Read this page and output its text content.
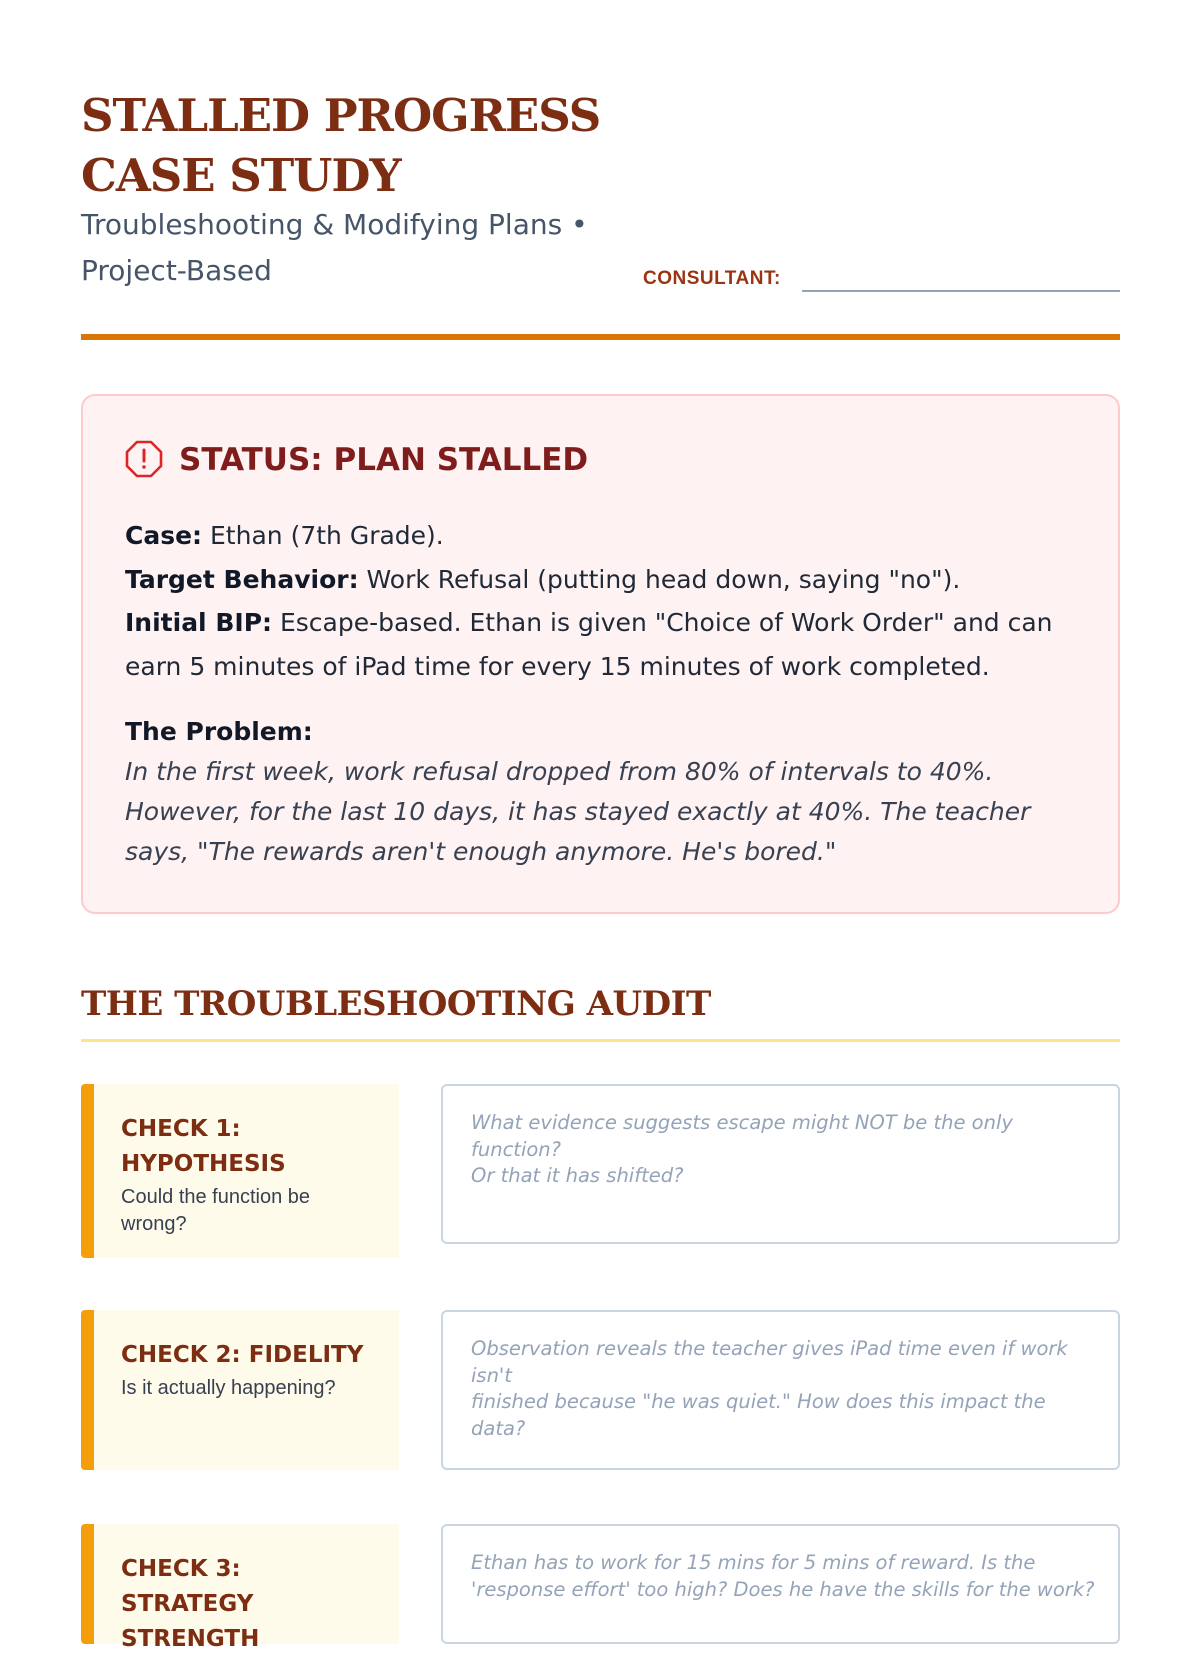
STALLED PROGRESS
CASE STUDY
Troubleshooting & Modifying Plans •
Project-Based	CONSULTANT:
STATUS: PLAN STALLED

Case: Ethan (7th Grade).

Target Behavior: Work Refusal (putting head down, saying "no").

Initial BIP: Escape-based. Ethan is given "Choice of Work Order" and can earn 5 minutes of iPad time for every 15 minutes of work completed.

The Problem:
In the first week, work refusal dropped from 80% of intervals to 40%. However, for the last 10 days, it has stayed exactly at 40%. The teacher says, "The rewards aren't enough anymore. He's bored."
THE TROUBLESHOOTING AUDIT
CHECK 1:
HYPOTHESIS
Could the function be
wrong?
What evidence suggests escape might NOT be the only function?
Or that it has shifted?
CHECK 2: FIDELITY
Is it actually happening?
Observation reveals the teacher gives iPad time even if work isn't
finished because "he was quiet." How does this impact the data?
CHECK 3: STRATEGY
STRENGTH
Ethan has to work for 15 mins for 5 mins of reward. Is the
'response effort' too high? Does he have the skills for the work?
